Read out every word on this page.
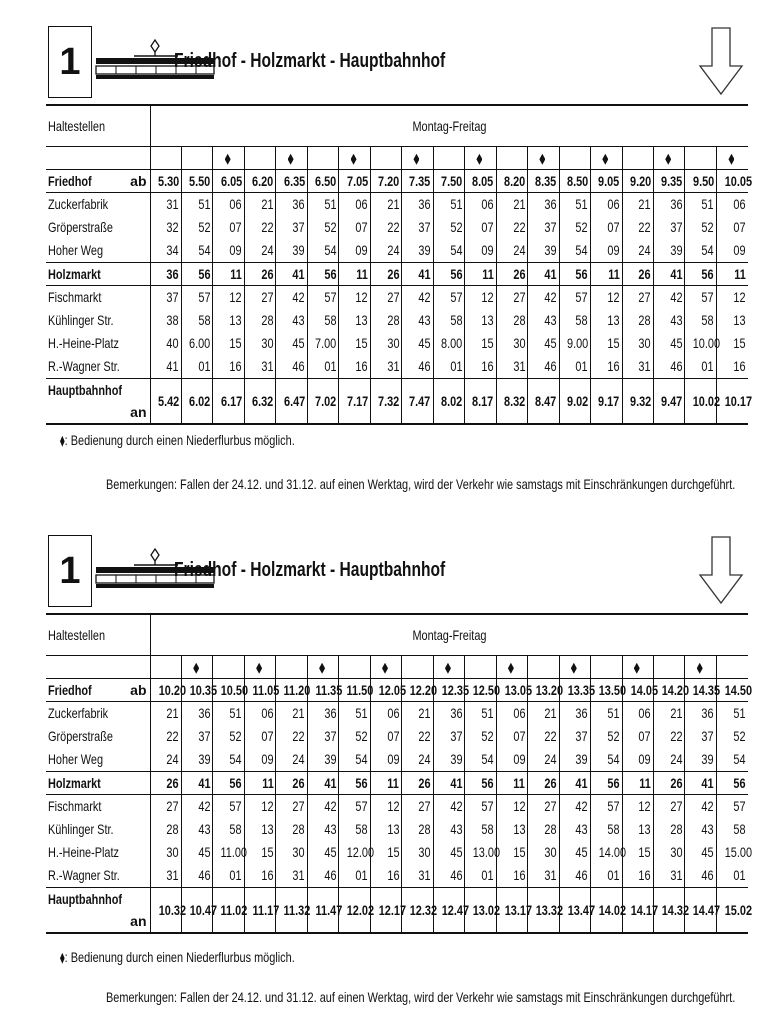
1	Friedhof - Holzmarkt - Hauptbahnhof
Haltestellen	Montag-Freitag																		

Friedhof ab	5.30	5.50	6.05	6.20	6.35	6.50	7.05	7.20	7.35	7.50	8.05	8.20	8.35	8.50	9.05	9.20	9.35	9.50	10.05
Zuckerfabrik	31	51	06	21	36	51	06	21	36	51	06	21	36	51	06	21	36	51	06
Gröperstraße	32	52	07	22	37	52	07	22	37	52	07	22	37	52	07	22	37	52	07
Hoher Weg	34	54	09	24	39	54	09	24	39	54	09	24	39	54	09	24	39	54	09
Holzmarkt	36	56	11	26	41	56	11	26	41	56	11	26	41	56	11	26	41	56	11
Fischmarkt	37	57	12	27	42	57	12	27	42	57	12	27	42	57	12	27	42	57	12
Kühlinger Str.	38	58	13	28	43	58	13	28	43	58	13	28	43	58	13	28	43	58	13
H.-Heine-Platz	40	6.00	15	30	45	7.00	15	30	45	8.00	15	30	45	9.00	15	30	45	10.00	15
R.-Wagner Str.	41	01	16	31	46	01	16	31	46	01	16	31	46	01	16	31	46	01	16
Hauptbahnhof
an	5.42	6.02	6.17	6.32	6.47	7.02	7.17	7.32	7.47	8.02	8.17	8.32	8.47	9.02	9.17	9.32	9.47	10.02	10.17
: Bedienung durch einen Niederflurbus möglich.
Bemerkungen: Fallen der 24.12. und 31.12. auf einen Werktag, wird der Verkehr wie samstags mit Einschränkungen durchgeführt.
1	Friedhof - Holzmarkt - Hauptbahnhof
Haltestellen	Montag-Freitag																		

Friedhof ab	10.20	10.35	10.50	11.05	11.20	11.35	11.50	12.05	12.20	12.35	12.50	13.05	13.20	13.35	13.50	14.05	14.20	14.35	14.50
Zuckerfabrik	21	36	51	06	21	36	51	06	21	36	51	06	21	36	51	06	21	36	51
Gröperstraße	22	37	52	07	22	37	52	07	22	37	52	07	22	37	52	07	22	37	52
Hoher Weg	24	39	54	09	24	39	54	09	24	39	54	09	24	39	54	09	24	39	54
Holzmarkt	26	41	56	11	26	41	56	11	26	41	56	11	26	41	56	11	26	41	56
Fischmarkt	27	42	57	12	27	42	57	12	27	42	57	12	27	42	57	12	27	42	57
Kühlinger Str.	28	43	58	13	28	43	58	13	28	43	58	13	28	43	58	13	28	43	58
H.-Heine-Platz	30	45	11.00	15	30	45	12.00	15	30	45	13.00	15	30	45	14.00	15	30	45	15.00
R.-Wagner Str.	31	46	01	16	31	46	01	16	31	46	01	16	31	46	01	16	31	46	01
Hauptbahnhof
an	10.32	10.47	11.02	11.17	11.32	11.47	12.02	12.17	12.32	12.47	13.02	13.17	13.32	13.47	14.02	14.17	14.32	14.47	15.02
: Bedienung durch einen Niederflurbus möglich.
Bemerkungen: Fallen der 24.12. und 31.12. auf einen Werktag, wird der Verkehr wie samstags mit Einschränkungen durchgeführt.
